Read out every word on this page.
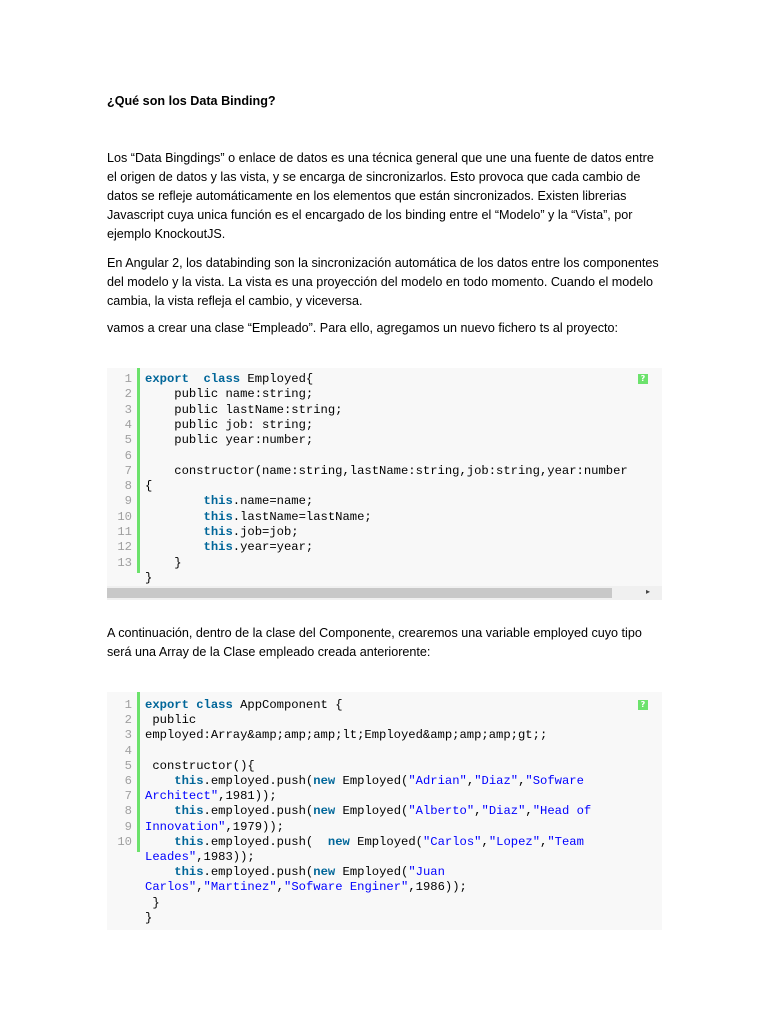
¿Qué son los Data Binding?
Los “Data Bingdings” o enlace de datos es una técnica general que une una fuente de datos entre
el origen de datos y las vista, y se encarga de sincronizarlos. Esto provoca que cada cambio de
datos se refleje automáticamente en los elementos que están sincronizados. Existen librerias
Javascript cuya unica función es el encargado de los binding entre el “Modelo” y la “Vista”, por
ejemplo KnockoutJS.
En Angular 2, los databinding son la sincronización automática de los datos entre los componentes
del modelo y la vista. La vista es una proyección del modelo en todo momento. Cuando el modelo
cambia, la vista refleja el cambio, y viceversa.
vamos a crear una clase “Empleado”. Para ello, agregamos un nuevo fichero ts al proyecto:
1
2
3
4
5
6
7
8
9
10
11
12
13
export class Employed{
public name:string;
public lastName:string;
public job: string;
public year:number;
constructor(name:string,lastName:string,job:string,year:number
{
this.name=name;
this.lastName=lastName;
this.job=job;
this.year=year;
}
}
?
▸
A continuación, dentro de la clase del Componente, crearemos una variable employed cuyo tipo
será una Array de la Clase empleado creada anteriorente:
1
2
3
4
5
6
7
8
9
10
export class AppComponent {
public
employed:Array&amp;amp;amp;lt;Employed&amp;amp;amp;gt;;
constructor(){
this.employed.push(new Employed("Adrian","Diaz","Sofware
Architect",1981));
this.employed.push(new Employed("Alberto","Diaz","Head of
Innovation",1979));
this.employed.push(  new Employed("Carlos","Lopez","Team
Leades",1983));
this.employed.push(new Employed("Juan
Carlos","Martinez","Sofware Enginer",1986));
}
}
?
